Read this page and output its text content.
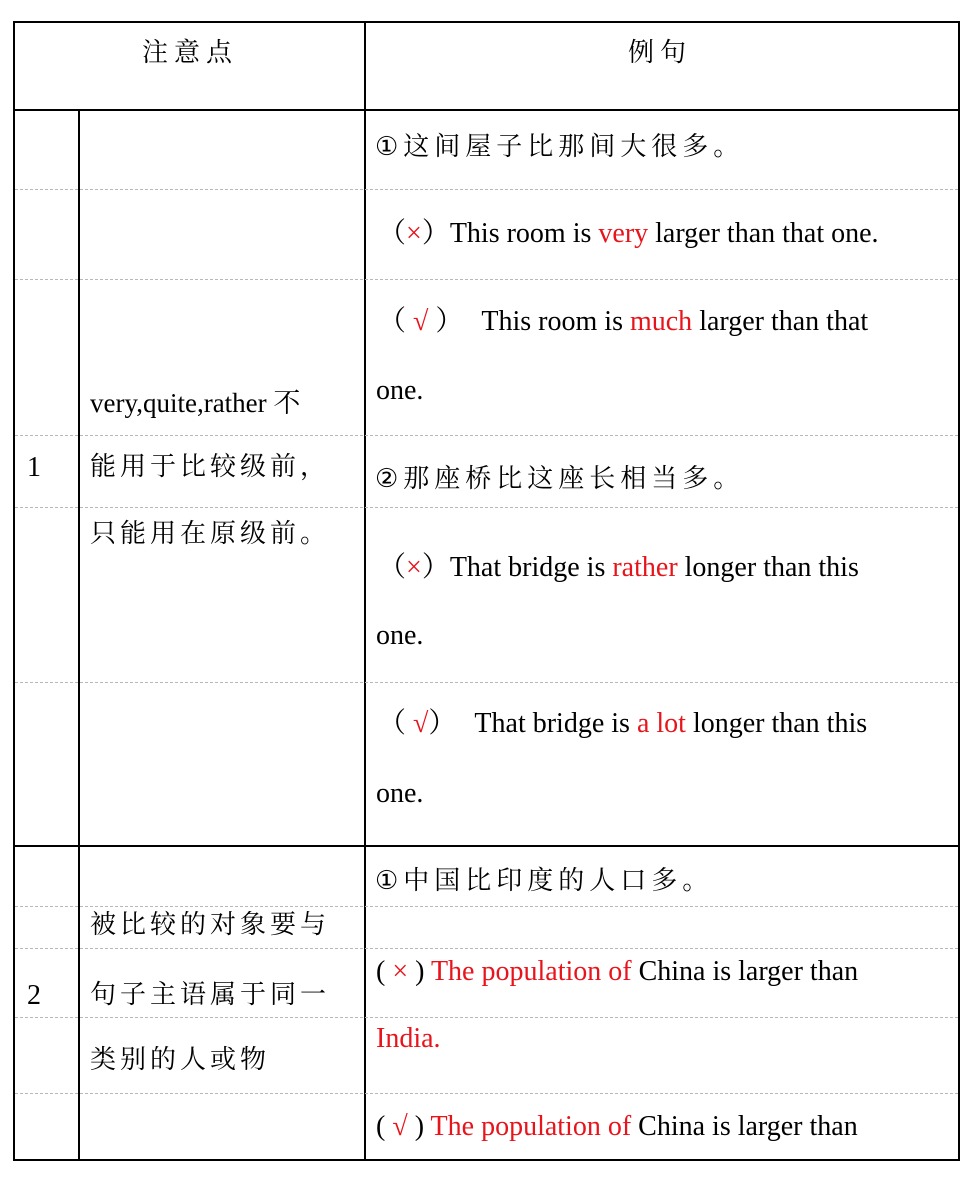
注意点	例句
1
very,quite,rather 不
能用于比较级前，
只能用在原级前。
①这间屋子比那间大很多。
（×）This room is very larger than that one.
（ √ ） This room is much larger than that
one.
②那座桥比这座长相当多。
（×）That bridge is rather longer than this
one.
（ √） That bridge is a lot longer than this
one.
2
被比较的对象要与
句子主语属于同一
类别的人或物
①中国比印度的人口多。
( × ) The population of China is larger than
India.
( √ ) The population of China is larger than
